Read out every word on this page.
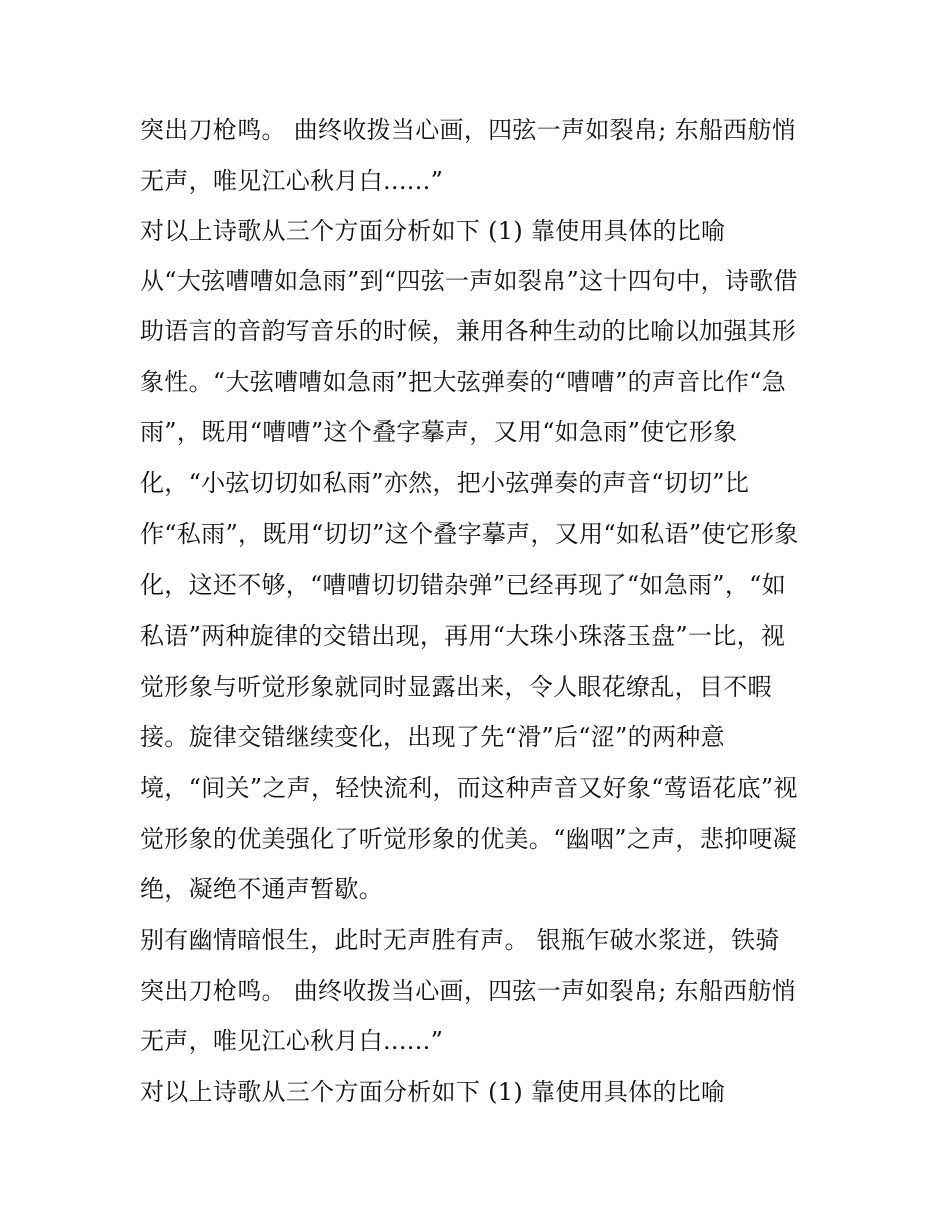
突出刀枪鸣。 曲终收拨当心画，四弦一声如裂帛; 东船西舫悄
无声，唯见江心秋月白......”
对以上诗歌从三个方面分析如下 (1) 靠使用具体的比喻
从“大弦嘈嘈如急雨”到“四弦一声如裂帛”这十四句中，诗歌借
助语言的音韵写音乐的时候，兼用各种生动的比喻以加强其形
象性。“大弦嘈嘈如急雨”把大弦弹奏的“嘈嘈”的声音比作“急
雨”，既用“嘈嘈”这个叠字摹声，又用“如急雨”使它形象
化，“小弦切切如私雨”亦然，把小弦弹奏的声音“切切”比
作“私雨”，既用“切切”这个叠字摹声，又用“如私语”使它形象
化，这还不够，“嘈嘈切切错杂弹”已经再现了“如急雨”，“如
私语”两种旋律的交错出现，再用“大珠小珠落玉盘”一比，视
觉形象与听觉形象就同时显露出来，令人眼花缭乱，目不暇
接。旋律交错继续变化，出现了先“滑”后“涩”的两种意
境，“间关”之声，轻快流利，而这种声音又好象“莺语花底”视
觉形象的优美强化了听觉形象的优美。“幽咽”之声，悲抑哽凝
绝，凝绝不通声暂歇。
别有幽情暗恨生，此时无声胜有声。 银瓶乍破水浆迸，铁骑
突出刀枪鸣。 曲终收拨当心画，四弦一声如裂帛; 东船西舫悄
无声，唯见江心秋月白......”
对以上诗歌从三个方面分析如下 (1) 靠使用具体的比喻
